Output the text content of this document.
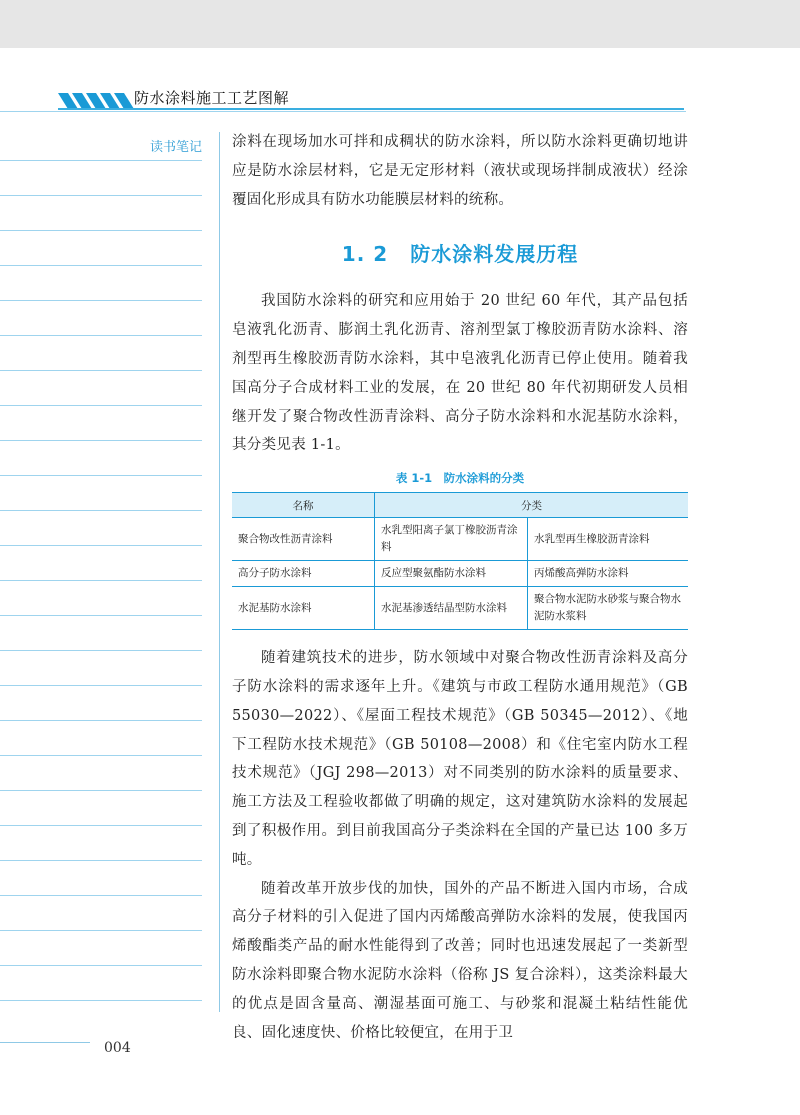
防水涂料施工工艺图解
读书笔记 涂料在现场加水可拌和成稠状的防水涂料，所以防水涂料更确切地讲应是防水涂层材料，它是无定形材料（液状或现场拌制成液状）经涂覆固化形成具有防水功能膜层材料的统称。

1. 2 防水涂料发展历程

我国防水涂料的研究和应用始于 20 世纪 60 年代，其产品包括皂液乳化沥青、膨润土乳化沥青、溶剂型氯丁橡胶沥青防水涂料、溶剂型再生橡胶沥青防水涂料，其中皂液乳化沥青已停止使用。随着我国高分子合成材料工业的发展，在 20 世纪 80 年代初期研发人员相继开发了聚合物改性沥青涂料、高分子防水涂料和水泥基防水涂料，其分类见表 1-1。

表 1-1　防水涂料的分类
名称	分类	
聚合物改性沥青涂料	水乳型阳离子氯丁橡胶沥青涂料	水乳型再生橡胶沥青涂料
高分子防水涂料	反应型聚氨酯防水涂料	丙烯酸高弹防水涂料
水泥基防水涂料	水泥基渗透结晶型防水涂料	聚合物水泥防水砂浆与聚合物水泥防水浆料

随着建筑技术的进步，防水领域中对聚合物改性沥青涂料及高分子防水涂料的需求逐年上升。《建筑与市政工程防水通用规范》（GB 55030—2022）、《屋面工程技术规范》（GB 50345—2012）、《地下工程防水技术规范》（GB 50108—2008）和《住宅室内防水工程技术规范》（JGJ 298—2013）对不同类别的防水涂料的质量要求、施工方法及工程验收都做了明确的规定，这对建筑防水涂料的发展起到了积极作用。到目前我国高分子类涂料在全国的产量已达 100 多万吨。

随着改革开放步伐的加快，国外的产品不断进入国内市场，合成高分子材料的引入促进了国内丙烯酸高弹防水涂料的发展，使我国丙烯酸酯类产品的耐水性能得到了改善；同时也迅速发展起了一类新型防水涂料即聚合物水泥防水涂料（俗称 JS 复合涂料），这类涂料最大的优点是固含量高、潮湿基面可施工、与砂浆和混凝土粘结性能优良、固化速度快、价格比较便宜，在用于卫

004
